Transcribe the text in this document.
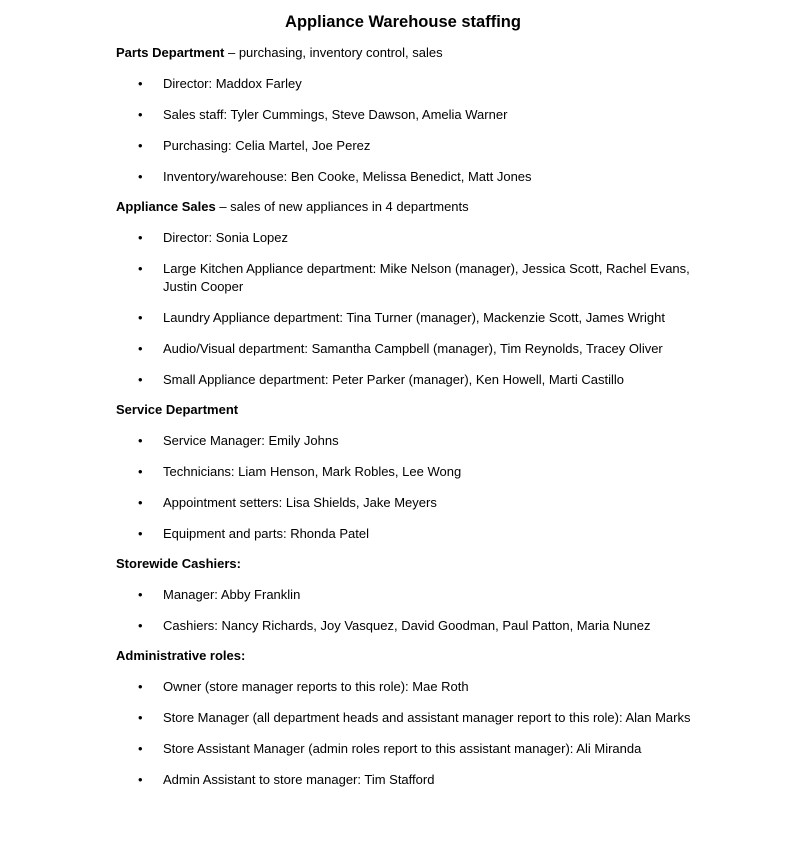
Appliance Warehouse staffing

Parts Department – purchasing, inventory control, sales

• Director: Maddox Farley
• Sales staff: Tyler Cummings, Steve Dawson, Amelia Warner
• Purchasing: Celia Martel, Joe Perez
• Inventory/warehouse: Ben Cooke, Melissa Benedict, Matt Jones

Appliance Sales – sales of new appliances in 4 departments

• Director: Sonia Lopez
• Large Kitchen Appliance department: Mike Nelson (manager), Jessica Scott, Rachel Evans, Justin Cooper
• Laundry Appliance department: Tina Turner (manager), Mackenzie Scott, James Wright
• Audio/Visual department: Samantha Campbell (manager), Tim Reynolds, Tracey Oliver
• Small Appliance department: Peter Parker (manager), Ken Howell, Marti Castillo

Service Department

• Service Manager: Emily Johns
• Technicians: Liam Henson, Mark Robles, Lee Wong
• Appointment setters: Lisa Shields, Jake Meyers
• Equipment and parts: Rhonda Patel

Storewide Cashiers:

• Manager: Abby Franklin
• Cashiers: Nancy Richards, Joy Vasquez, David Goodman, Paul Patton, Maria Nunez

Administrative roles:

• Owner (store manager reports to this role): Mae Roth
• Store Manager (all department heads and assistant manager report to this role): Alan Marks
• Store Assistant Manager (admin roles report to this assistant manager): Ali Miranda
• Admin Assistant to store manager: Tim Stafford
